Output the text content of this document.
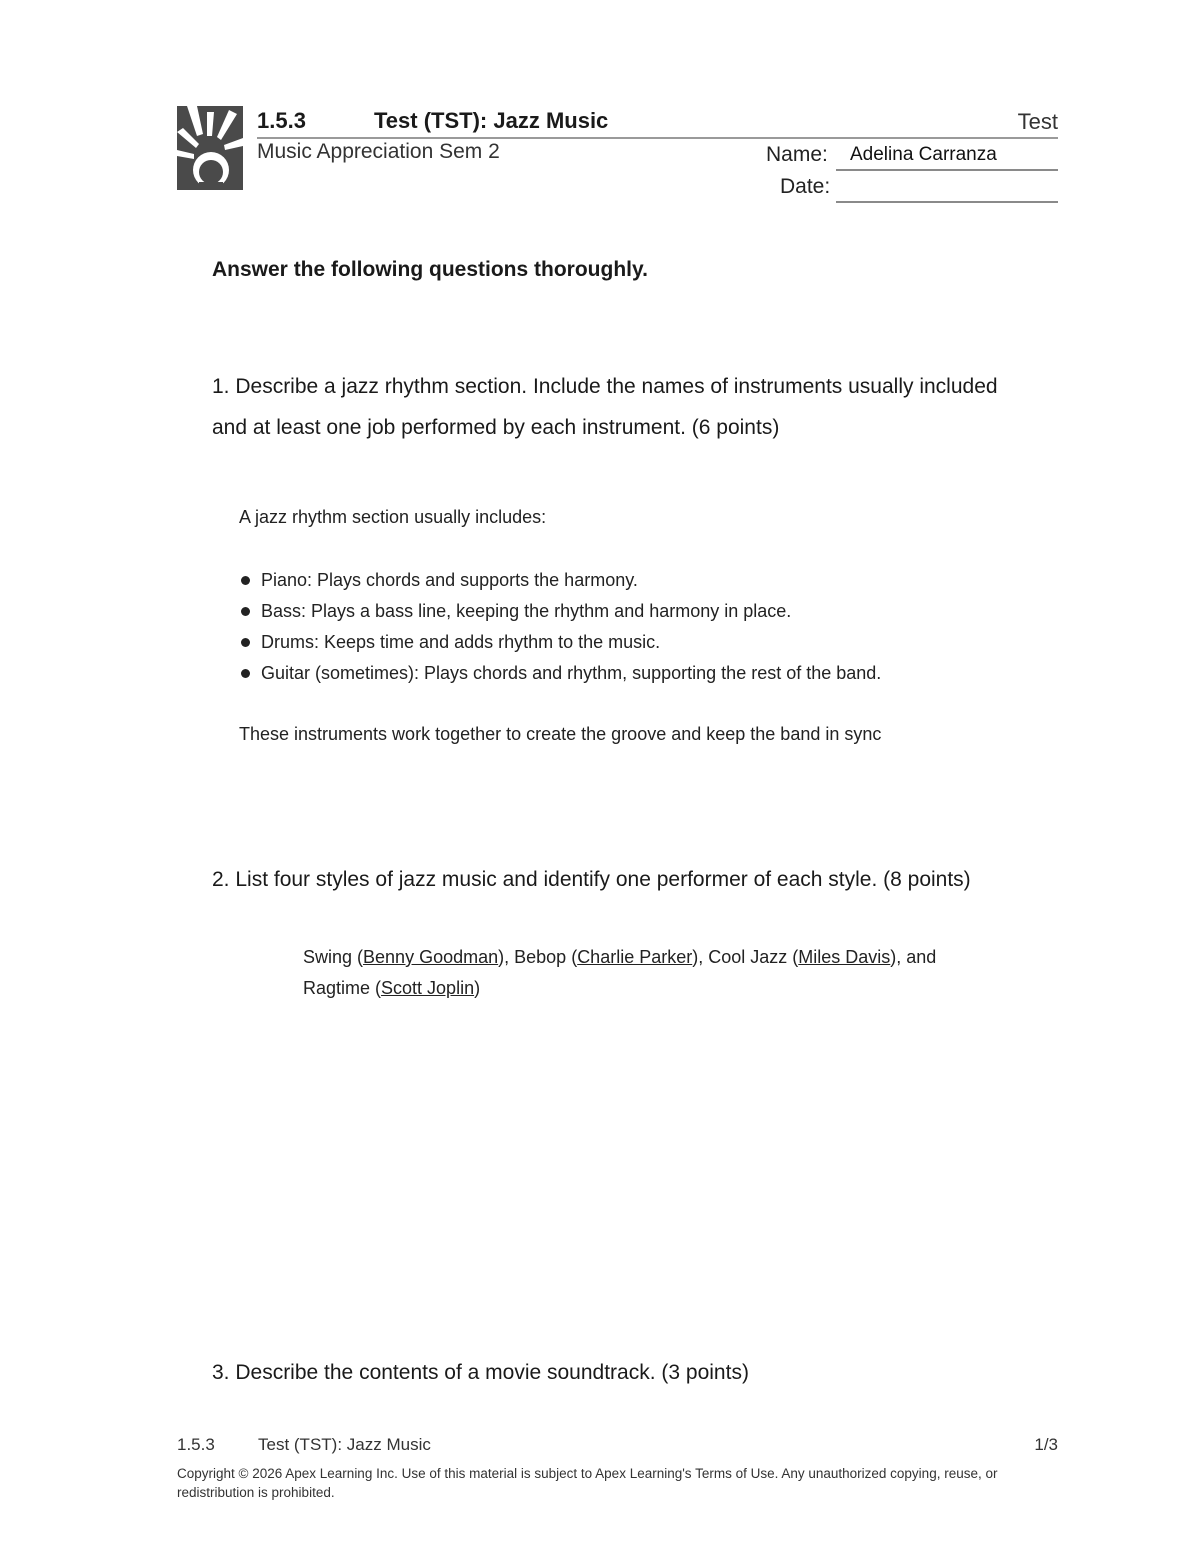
1.5.3	Test (TST): Jazz Music	Test
Music Appreciation Sem 2	Name: Adelina Carranza
Date:
Answer the following questions thoroughly.
1. Describe a jazz rhythm section. Include the names of instruments usually included and at least one job performed by each instrument. (6 points)
A jazz rhythm section usually includes:
Piano: Plays chords and supports the harmony.
Bass: Plays a bass line, keeping the rhythm and harmony in place.
Drums: Keeps time and adds rhythm to the music.
Guitar (sometimes): Plays chords and rhythm, supporting the rest of the band.
These instruments work together to create the groove and keep the band in sync
2. List four styles of jazz music and identify one performer of each style. (8 points)
Swing (Benny Goodman), Bebop (Charlie Parker), Cool Jazz (Miles Davis), and
Ragtime (Scott Joplin)
3. Describe the contents of a movie soundtrack. (3 points)
1.5.3	Test (TST): Jazz Music	1/3
Copyright © 2026 Apex Learning Inc. Use of this material is subject to Apex Learning's Terms of Use. Any unauthorized copying, reuse, or redistribution is prohibited.
